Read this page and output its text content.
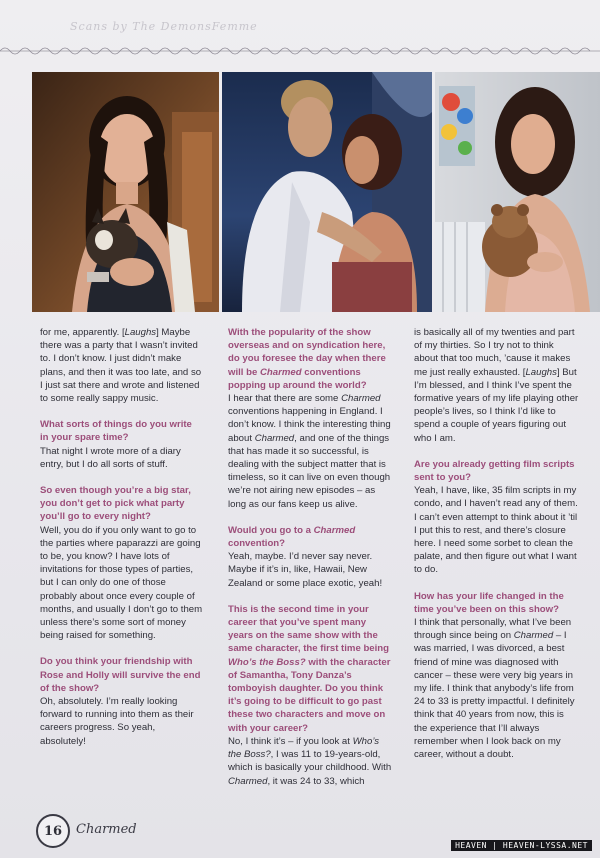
Scans by The DemonsFemme

for me, apparently. [Laughs] Maybe there was a party that I wasn’t invited to. I don’t know. I just didn’t make plans, and then it was too late, and so I just sat there and wrote and listened to some really sappy music.

What sorts of things do you write in your spare time?

That night I wrote more of a diary entry, but I do all sorts of stuff.

So even though you’re a big star, you don’t get to pick what party you’ll go to every night?

Well, you do if you only want to go to the parties where paparazzi are going to be, you know? I have lots of invitations for those types of parties, but I can only do one of those probably about once every couple of months, and usually I don’t go to them unless there’s some sort of money being raised for something.

Do you think your friendship with Rose and Holly will survive the end of the show?

Oh, absolutely. I’m really looking forward to running into them as their careers progress. So yeah, absolutely!

With the popularity of the show overseas and on syndication here, do you foresee the day when there will be Charmed conventions popping up around the world?

I hear that there are some Charmed conventions happening in England. I don’t know. I think the interesting thing about Charmed, and one of the things that has made it so successful, is dealing with the subject matter that is timeless, so it can live on even though we’re not airing new episodes – as long as our fans keep us alive.

Would you go to a Charmed convention?

Yeah, maybe. I’d never say never. Maybe if it’s in, like, Hawaii, New Zealand or some place exotic, yeah!

This is the second time in your career that you’ve spent many years on the same show with the same character, the first time being Who’s the Boss? with the character of Samantha, Tony Danza’s tomboyish daughter. Do you think it’s going to be difficult to go past these two characters and move on with your career?

No, I think it’s – if you look at Who’s the Boss?, I was 11 to 19-years-old, which is basically your childhood. With Charmed, it was 24 to 33, which

is basically all of my twenties and part of my thirties. So I try not to think about that too much, ’cause it makes me just really exhausted. [Laughs] But I’m blessed, and I think I’ve spent the formative years of my life playing other people’s lives, so I think I’d like to spend a couple of years figuring out who I am.

Are you already getting film scripts sent to you?

Yeah, I have, like, 35 film scripts in my condo, and I haven’t read any of them. I can’t even attempt to think about it ’til I put this to rest, and there’s closure here. I need some sorbet to clean the palate, and then figure out what I want to do.

How has your life changed in the time you’ve been on this show?

I think that personally, what I’ve been through since being on Charmed – I was married, I was divorced, a best friend of mine was diagnosed with cancer – these were very big years in my life. I think that anybody’s life from 24 to 33 is pretty impactful. I definitely think that 40 years from now, this is the experience that I’ll always remember when I look back on my career, without a doubt.

16	Charmed
HEAVEN | HEAVEN-LYSSA.NET
